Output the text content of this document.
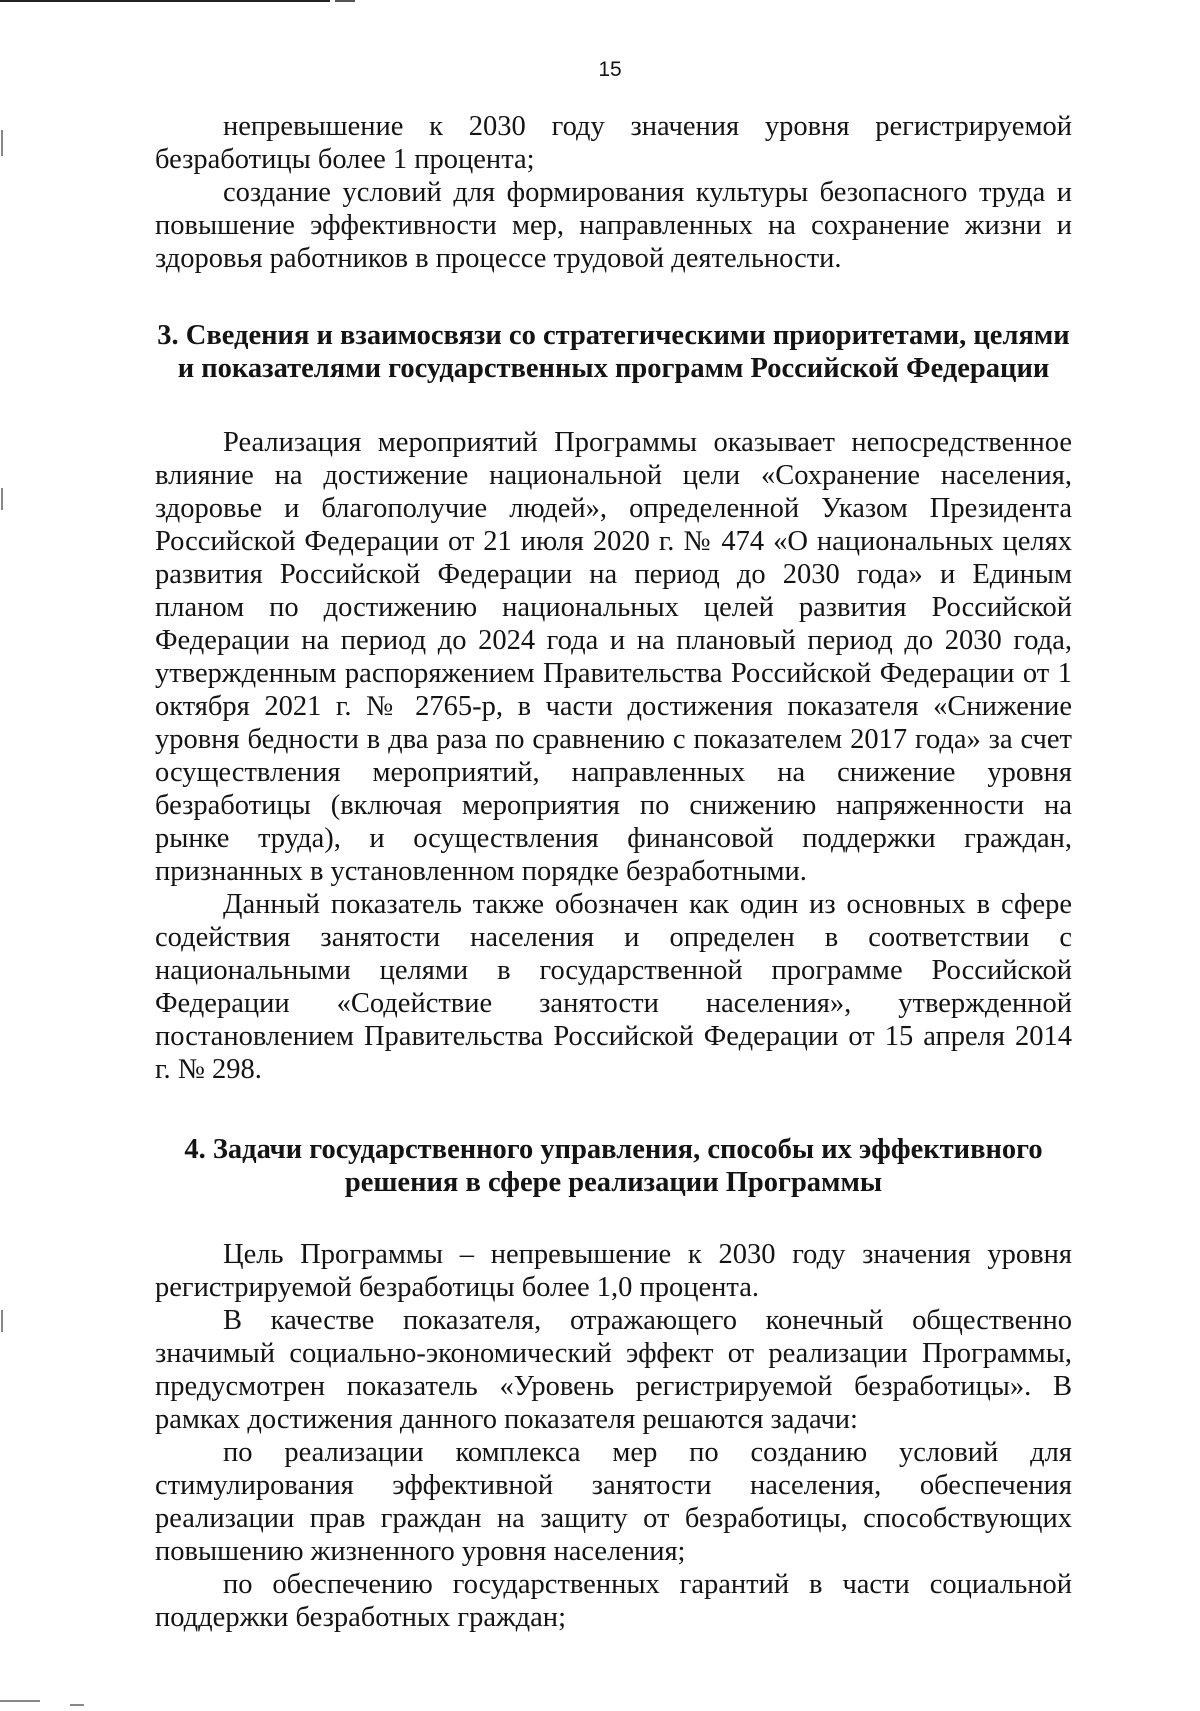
15

непревышение к 2030 году значения уровня регистрируемой безработицы более 1 процента;

создание условий для формирования культуры безопасного труда и повышение эффективности мер, направленных на сохранение жизни и здоровья работников в процессе трудовой деятельности.

3. Сведения и взаимосвязи со стратегическими приоритетами, целями
и показателями государственных программ Российской Федерации

Реализация мероприятий Программы оказывает непосредственное влияние на достижение национальной цели «Сохранение населения, здоровье и благополучие людей», определенной Указом Президента Российской Федерации от 21 июля 2020 г. № 474 «О национальных целях развития Российской Федерации на период до 2030 года» и Единым планом по достижению национальных целей развития Российской Федерации на период до 2024 года и на плановый период до 2030 года, утвержденным распоряжением Правительства Российской Федерации от 1 октября 2021 г. № 2765-р, в части достижения показателя «Снижение уровня бедности в два раза по сравнению с показателем 2017 года» за счет осуществления мероприятий, направленных на снижение уровня безработицы (включая мероприятия по снижению напряженности на рынке труда), и осуществления финансовой поддержки граждан, признанных в установленном порядке безработными.

Данный показатель также обозначен как один из основных в сфере содействия занятости населения и определен в соответствии с национальными целями в государственной программе Российской Федерации «Содействие занятости населения», утвержденной постановлением Правительства Российской Федерации от 15 апреля 2014 г. № 298.

4. Задачи государственного управления, способы их эффективного
решения в сфере реализации Программы

Цель Программы – непревышение к 2030 году значения уровня регистрируемой безработицы более 1,0 процента.

В качестве показателя, отражающего конечный общественно значимый социально-экономический эффект от реализации Программы, предусмотрен показатель «Уровень регистрируемой безработицы». В рамках достижения данного показателя решаются задачи:

по реализации комплекса мер по созданию условий для стимулирования эффективной занятости населения, обеспечения реализации прав граждан на защиту от безработицы, способствующих повышению жизненного уровня населения;

по обеспечению государственных гарантий в части социальной поддержки безработных граждан;
